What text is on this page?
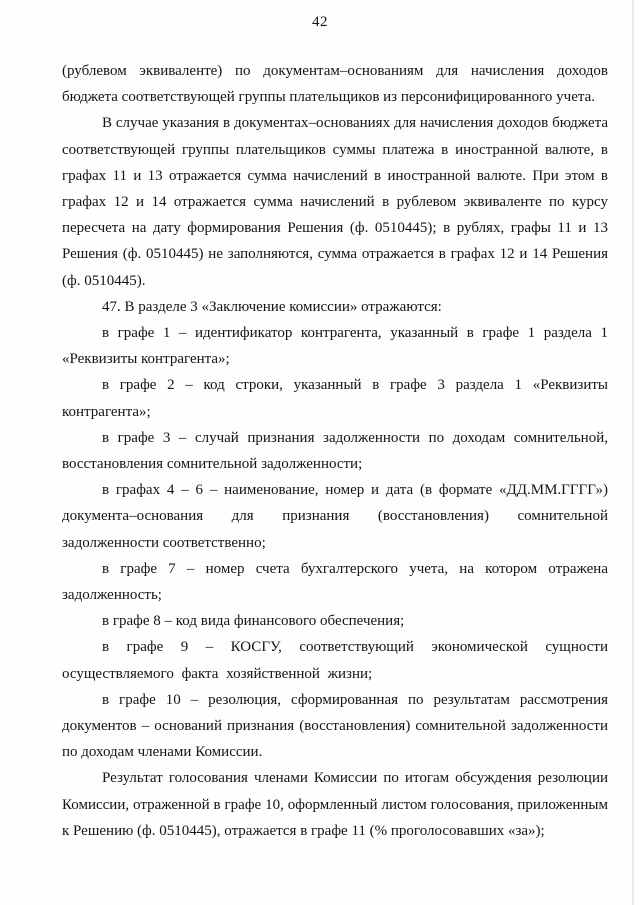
42

(рублевом эквиваленте) по документам–основаниям для начисления доходов бюджета соответствующей группы плательщиков из персонифицированного учета.

В случае указания в документах–основаниях для начисления доходов бюджета соответствующей группы плательщиков суммы платежа в иностранной валюте, в графах 11 и 13 отражается сумма начислений в иностранной валюте. При этом в графах 12 и 14 отражается сумма начислений в рублевом эквиваленте по курсу пересчета на дату формирования Решения (ф. 0510445); в рублях, графы 11 и 13 Решения (ф. 0510445) не заполняются, сумма отражается в графах 12 и 14 Решения (ф. 0510445).

47. В разделе 3 «Заключение комиссии» отражаются:

в графе 1 – идентификатор контрагента, указанный в графе 1 раздела 1 «Реквизиты контрагента»;

в графе 2 – код строки, указанный в графе 3 раздела 1 «Реквизиты контрагента»;

в графе 3 – случай признания задолженности по доходам сомнительной, восстановления сомнительной задолженности;

в графах 4 – 6 – наименование, номер и дата (в формате «ДД.ММ.ГГГГ») документа–основания для признания (восстановления) сомнительной задолженности соответственно;

в графе 7 – номер счета бухгалтерского учета, на котором отражена задолженность;

в графе 8 – код вида финансового обеспечения;

в графе 9 – КОСГУ, соответствующий экономической сущности осуществляемого факта хозяйственной жизни;

в графе 10 – резолюция, сформированная по результатам рассмотрения документов – оснований признания (восстановления) сомнительной задолженности по доходам членами Комиссии.

Результат голосования членами Комиссии по итогам обсуждения резолюции Комиссии, отраженной в графе 10, оформленный листом голосования, приложенным к Решению (ф. 0510445), отражается в графе 11 (% проголосовавших «за»);
